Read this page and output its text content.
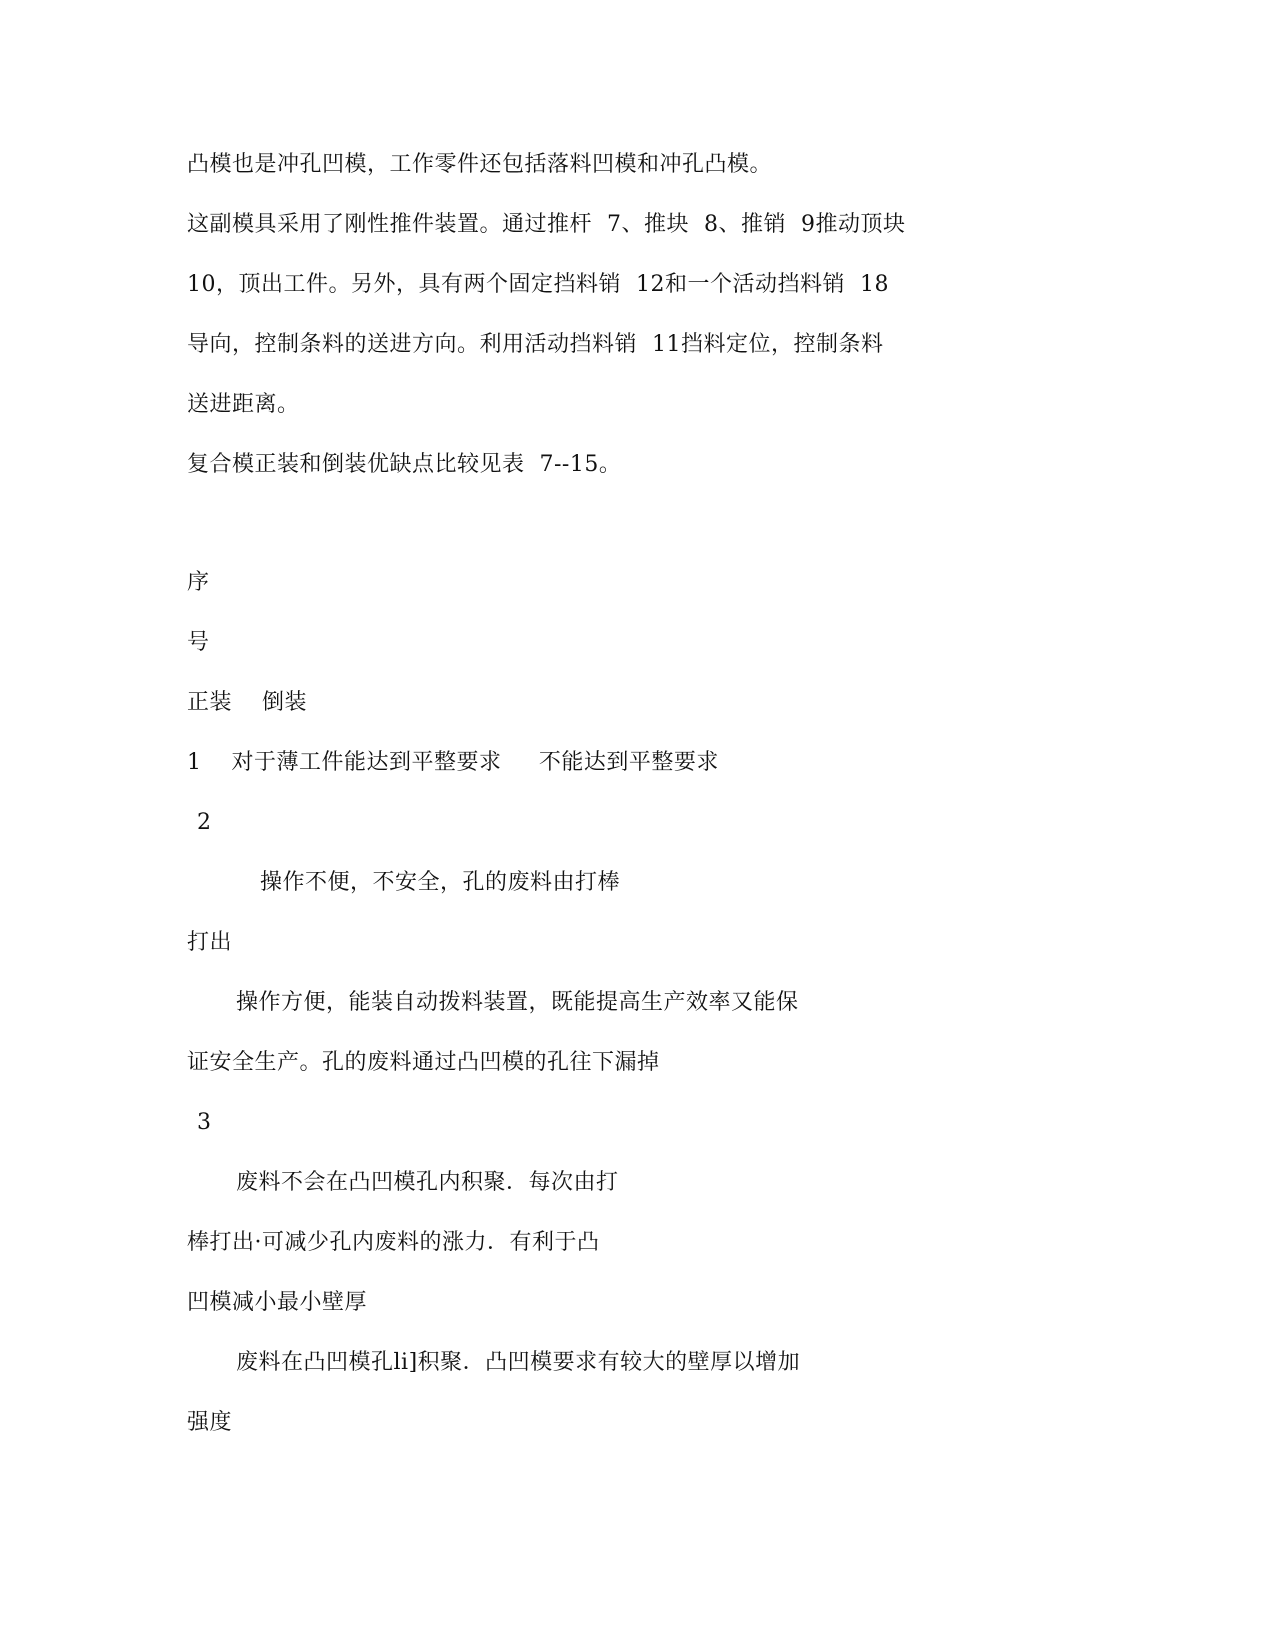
凸模也是冲孔凹模，工作零件还包括落料凹模和冲孔凸模。
这副模具采用了刚性推件装置。通过推杆  7、推块  8、推销  9推动顶块
10，顶出工件。另外，具有两个固定挡料销  12和一个活动挡料销  18
导向，控制条料的送进方向。利用活动挡料销  11挡料定位，控制条料
送进距离。
复合模正装和倒装优缺点比较见表  7--15。
序
号
正装    倒装
1    对于薄工件能达到平整要求     不能达到平整要求
2
操作不便，不安全，孔的废料由打棒
打出
操作方便，能装自动拨料装置，既能提高生产效率又能保
证安全生产。孔的废料通过凸凹模的孔往下漏掉
3
废料不会在凸凹模孔内积聚．每次由打
棒打出·可减少孔内废料的涨力．有利于凸
凹模减小最小壁厚
废料在凸凹模孔li]积聚．凸凹模要求有较大的壁厚以增加
强度
